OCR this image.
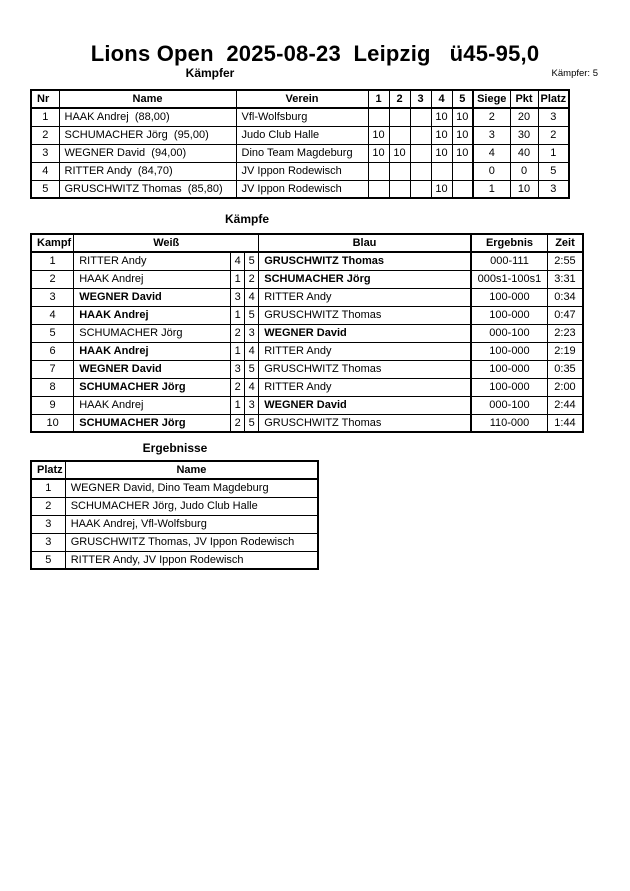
Lions Open  2025-08-23  Leipzig   ü45-95,0
Kämpfer	Kämpfer: 5
Nr	Name	Verein	1	2	3	4	5	Siege	Pkt	Platz
1	HAAK Andrej  (88,00)	Vfl-Wolfsburg				10	10	2	20	3
2	SCHUMACHER Jörg  (95,00)	Judo Club Halle	10			10	10	3	30	2
3	WEGNER David  (94,00)	Dino Team Magdeburg	10	10		10	10	4	40	1
4	RITTER Andy  (84,70)	JV Ippon Rodewisch						0	0	5
5	GRUSCHWITZ Thomas  (85,80)	JV Ippon Rodewisch				10		1	10	3
Kämpfe
Kampf	Weiß			Blau	Ergebnis	Zeit
1	RITTER Andy	4	5	GRUSCHWITZ Thomas	000-111	2:55
2	HAAK Andrej	1	2	SCHUMACHER Jörg	000s1-100s1	3:31
3	WEGNER David	3	4	RITTER Andy	100-000	0:34
4	HAAK Andrej	1	5	GRUSCHWITZ Thomas	100-000	0:47
5	SCHUMACHER Jörg	2	3	WEGNER David	000-100	2:23
6	HAAK Andrej	1	4	RITTER Andy	100-000	2:19
7	WEGNER David	3	5	GRUSCHWITZ Thomas	100-000	0:35
8	SCHUMACHER Jörg	2	4	RITTER Andy	100-000	2:00
9	HAAK Andrej	1	3	WEGNER David	000-100	2:44
10	SCHUMACHER Jörg	2	5	GRUSCHWITZ Thomas	110-000	1:44
Ergebnisse
Platz	Name
1	WEGNER David, Dino Team Magdeburg
2	SCHUMACHER Jörg, Judo Club Halle
3	HAAK Andrej, Vfl-Wolfsburg
3	GRUSCHWITZ Thomas, JV Ippon Rodewisch
5	RITTER Andy, JV Ippon Rodewisch
